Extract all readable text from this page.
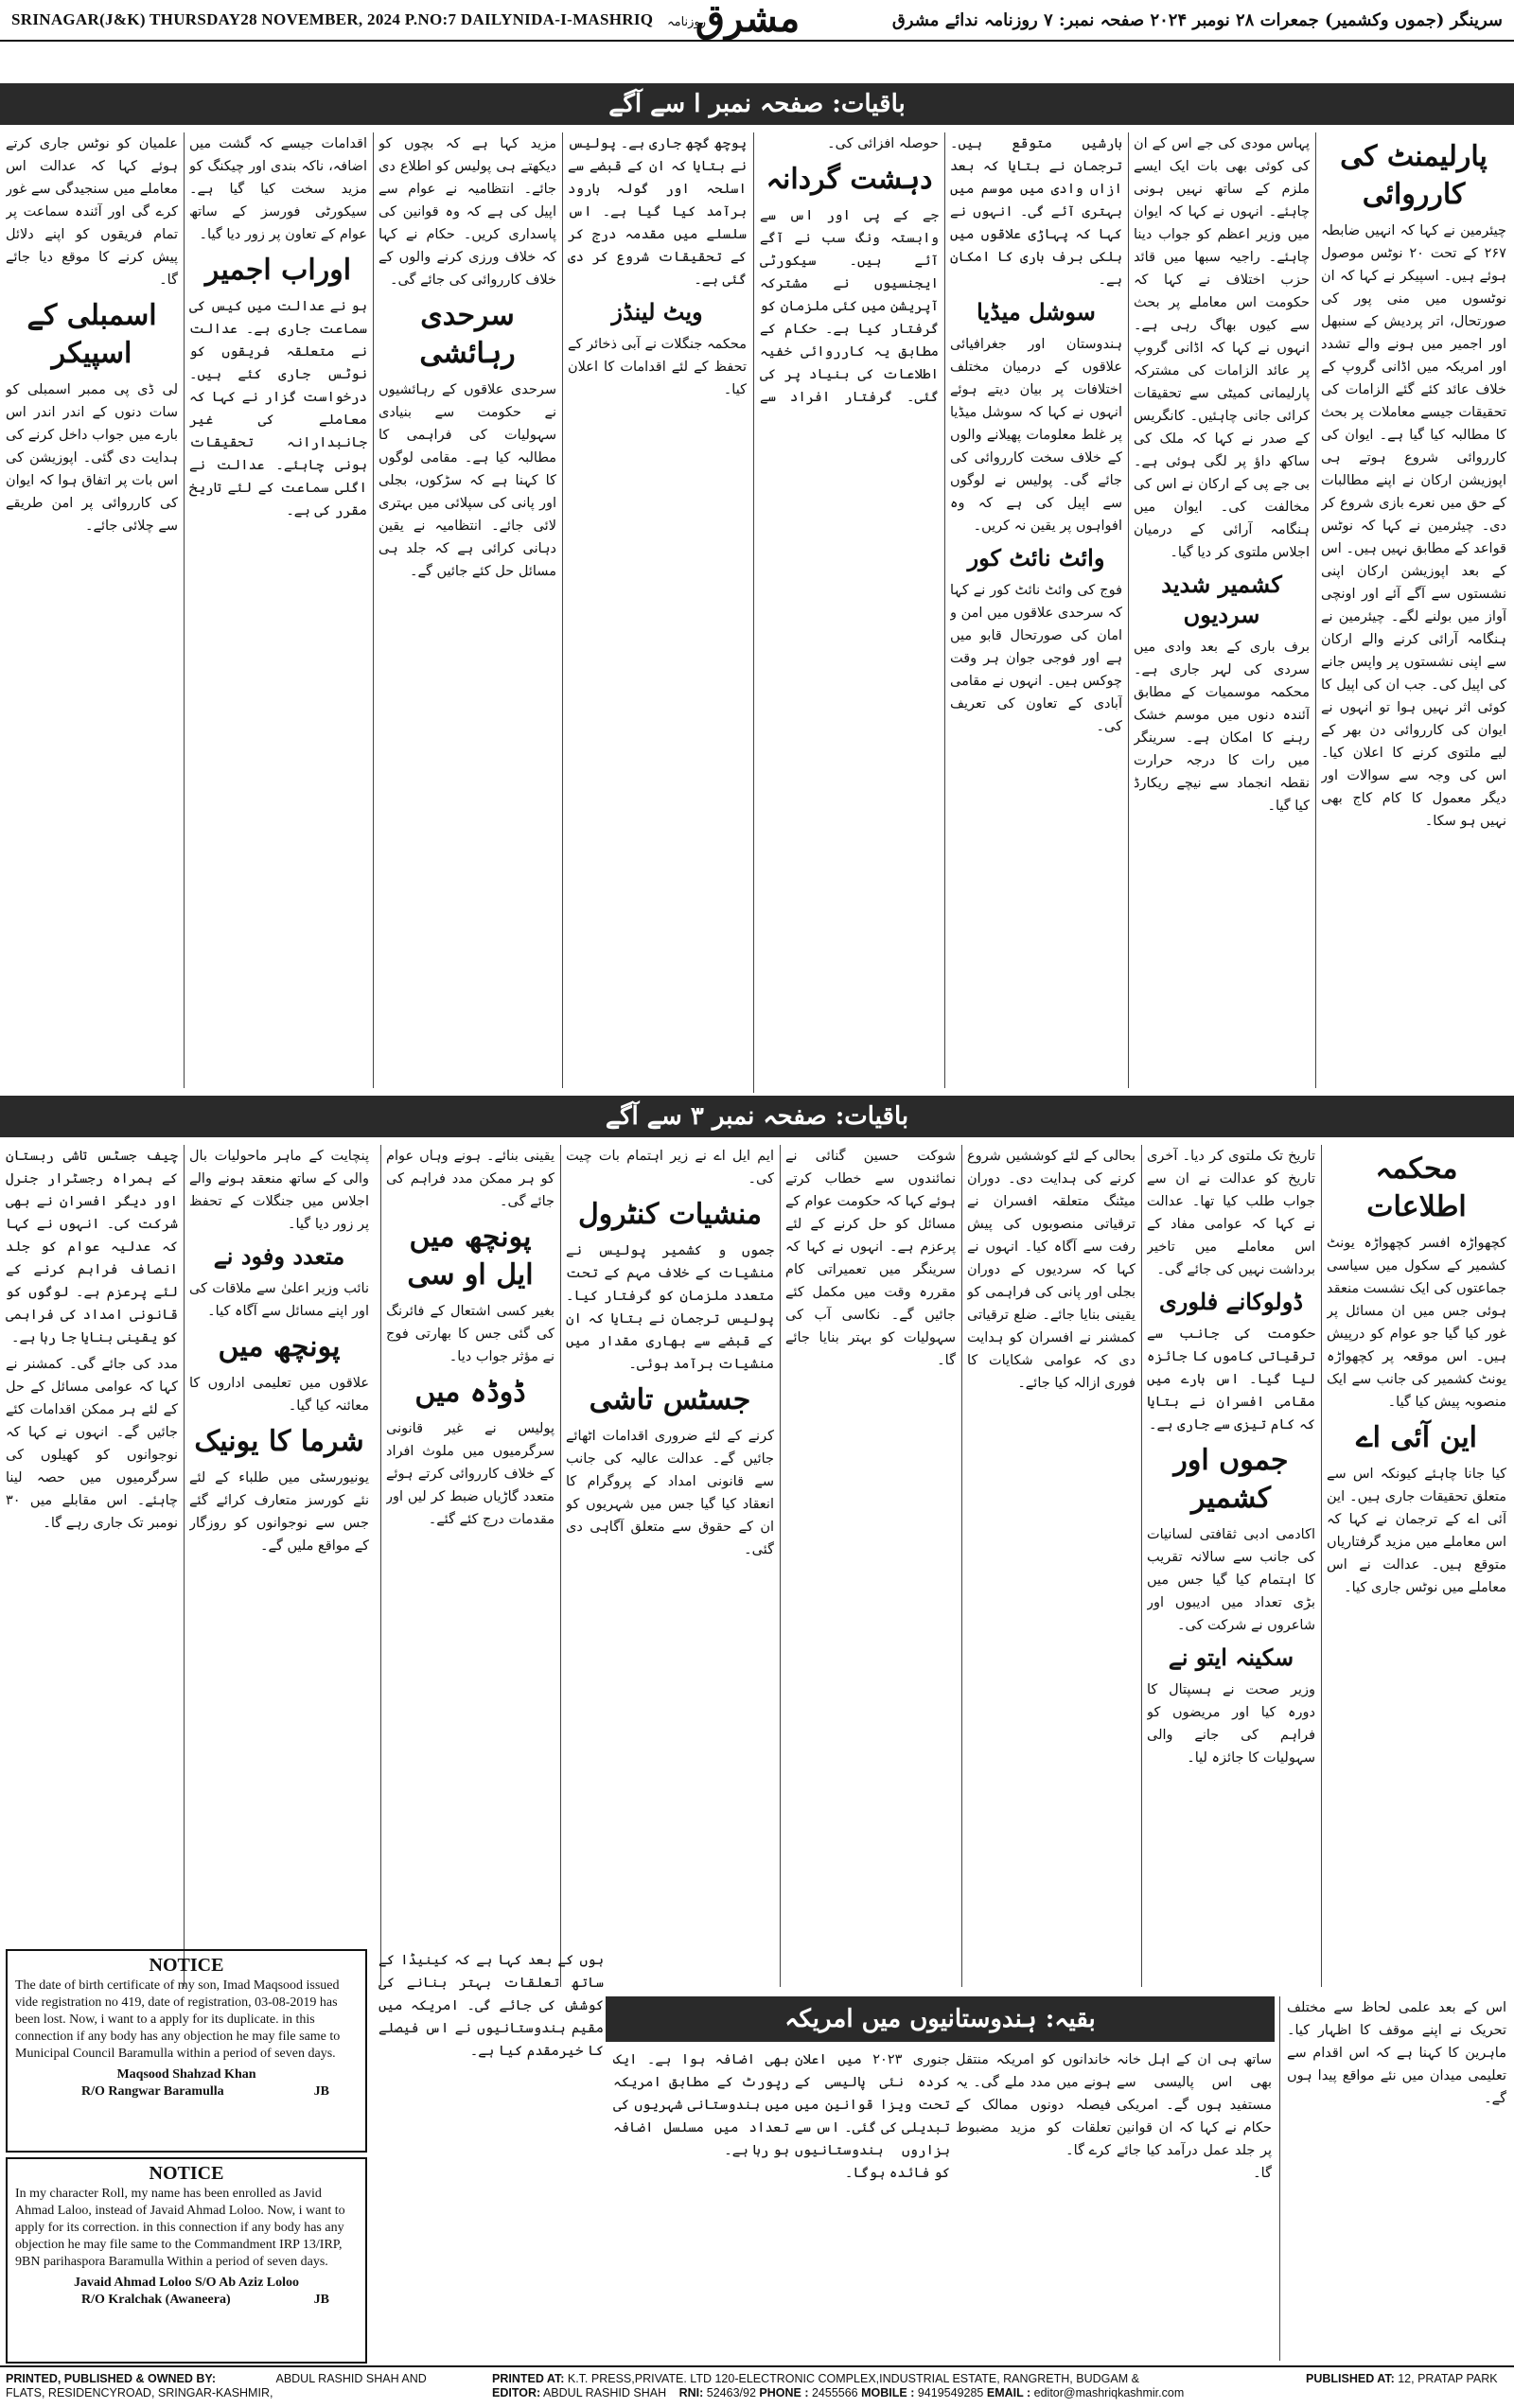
SRINAGAR(J&K) THURSDAY28 NOVEMBER, 2024 P.NO:7 DAILYNIDA-I-MASHRIQ روزنامہ
مشرق	سرینگر (جموں وکشمیر) جمعرات ۲۸ نومبر ۲۰۲۴ صفحہ نمبر: ۷ روزنامہ ندائے مشرق
باقیات: صفحہ نمبر ا سے آگے
پارلیمنٹ کی کارروائی

چیئرمین نے کہا کہ انہیں ضابطہ ۲۶۷ کے تحت ۲۰ نوٹس موصول ہوئے ہیں۔ اسپیکر نے کہا کہ ان نوٹسوں میں منی پور کی صورتحال، اتر پردیش کے سنبھل اور اجمیر میں ہونے والے تشدد اور امریکہ میں اڈانی گروپ کے خلاف عائد کئے گئے الزامات کی تحقیقات جیسے معاملات پر بحث کا مطالبہ کیا گیا ہے۔ ایوان کی کارروائی شروع ہوتے ہی اپوزیشن ارکان نے اپنے مطالبات کے حق میں نعرے بازی شروع کر دی۔ چیئرمین نے کہا کہ نوٹس قواعد کے مطابق نہیں ہیں۔ اس کے بعد اپوزیشن ارکان اپنی نشستوں سے آگے آئے اور اونچی آواز میں بولنے لگے۔ چیئرمین نے ہنگامہ آرائی کرنے والے ارکان سے اپنی نشستوں پر واپس جانے کی اپیل کی۔ جب ان کی اپیل کا کوئی اثر نہیں ہوا تو انہوں نے ایوان کی کارروائی دن بھر کے لیے ملتوی کرنے کا اعلان کیا۔ اس کی وجہ سے سوالات اور دیگر معمول کا کام کاج بھی نہیں ہو سکا۔

پہاس مودی کی جے اس کے ان کی کوئی بھی بات ایک ایسے ملزم کے ساتھ نہیں ہونی چاہئے۔ انہوں نے کہا کہ ایوان میں وزیر اعظم کو جواب دینا چاہئے۔ راجیہ سبھا میں قائد حزب اختلاف نے کہا کہ حکومت اس معاملے پر بحث سے کیوں بھاگ رہی ہے۔ انہوں نے کہا کہ اڈانی گروپ پر عائد الزامات کی مشترکہ پارلیمانی کمیٹی سے تحقیقات کرائی جانی چاہئیں۔ کانگریس کے صدر نے کہا کہ ملک کی ساکھ داؤ پر لگی ہوئی ہے۔ بی جے پی کے ارکان نے اس کی مخالفت کی۔ ایوان میں ہنگامہ آرائی کے درمیان اجلاس ملتوی کر دیا گیا۔

کشمیر شدید سردیوں

برف باری کے بعد وادی میں سردی کی لہر جاری ہے۔ محکمہ موسمیات کے مطابق آئندہ دنوں میں موسم خشک رہنے کا امکان ہے۔ سرینگر میں رات کا درجہ حرارت نقطہ انجماد سے نیچے ریکارڈ کیا گیا۔

بارشیں متوقع ہیں۔ ترجمان نے بتایا کہ بعد ازاں وادی میں موسم میں بہتری آئے گی۔ انہوں نے کہا کہ پہاڑی علاقوں میں ہلکی برف باری کا امکان ہے۔

سوشل میڈیا

ہندوستان اور جغرافیائی علاقوں کے درمیان مختلف اختلافات پر بیان دیتے ہوئے انہوں نے کہا کہ سوشل میڈیا پر غلط معلومات پھیلانے والوں کے خلاف سخت کارروائی کی جائے گی۔ پولیس نے لوگوں سے اپیل کی ہے کہ وہ افواہوں پر یقین نہ کریں۔

وائٹ نائٹ کور

فوج کی وائٹ نائٹ کور نے کہا کہ سرحدی علاقوں میں امن و امان کی صورتحال قابو میں ہے اور فوجی جوان ہر وقت چوکس ہیں۔ انہوں نے مقامی آبادی کے تعاون کی تعریف کی۔

حوصلہ افزائی کی۔

دہشت گردانہ

جے کے پی اور اس سے وابستہ ونگ سب نے آگے آئے ہیں۔ سیکورٹی ایجنسیوں نے مشترکہ آپریشن میں کئی ملزمان کو گرفتار کیا ہے۔ حکام کے مطابق یہ کارروائی خفیہ اطلاعات کی بنیاد پر کی گئی۔ گرفتار افراد سے پوچھ گچھ جاری ہے۔ پولیس نے بتایا کہ ان کے قبضے سے اسلحہ اور گولہ بارود برآمد کیا گیا ہے۔ اس سلسلے میں مقدمہ درج کر کے تحقیقات شروع کر دی گئی ہے۔

ویٹ لینڈز

محکمہ جنگلات نے آبی ذخائر کے تحفظ کے لئے اقدامات کا اعلان کیا۔

مزید کہا ہے کہ بچوں کو دیکھتے ہی پولیس کو اطلاع دی جائے۔ انتظامیہ نے عوام سے اپیل کی ہے کہ وہ قوانین کی پاسداری کریں۔ حکام نے کہا کہ خلاف ورزی کرنے والوں کے خلاف کارروائی کی جائے گی۔

سرحدی رہائشی

سرحدی علاقوں کے رہائشیوں نے حکومت سے بنیادی سہولیات کی فراہمی کا مطالبہ کیا ہے۔ مقامی لوگوں کا کہنا ہے کہ سڑکوں، بجلی اور پانی کی سپلائی میں بہتری لائی جائے۔ انتظامیہ نے یقین دہانی کرائی ہے کہ جلد ہی مسائل حل کئے جائیں گے۔

اقدامات جیسے کہ گشت میں اضافہ، ناکہ بندی اور چیکنگ کو مزید سخت کیا گیا ہے۔ سیکورٹی فورسز کے ساتھ عوام کے تعاون پر زور دیا گیا۔

اوراب اجمیر

ہو نے عدالت میں کیس کی سماعت جاری ہے۔ عدالت نے متعلقہ فریقوں کو نوٹس جاری کئے ہیں۔ درخواست گزار نے کہا کہ معاملے کی غیر جانبدارانہ تحقیقات ہونی چاہئے۔ عدالت نے اگلی سماعت کے لئے تاریخ مقرر کی ہے۔

علمیان کو نوٹس جاری کرتے ہوئے کہا کہ عدالت اس معاملے میں سنجیدگی سے غور کرے گی اور آئندہ سماعت پر تمام فریقوں کو اپنے دلائل پیش کرنے کا موقع دیا جائے گا۔

اسمبلی کے اسپیکر

لی ڈی پی ممبر اسمبلی کو سات دنوں کے اندر اندر اس بارے میں جواب داخل کرنے کی ہدایت دی گئی۔ اپوزیشن کی اس بات پر اتفاق ہوا کہ ایوان کی کارروائی پر امن طریقے سے چلائی جائے۔

باقیات: صفحہ نمبر ۳ سے آگے
محکمہ اطلاعات

کچھواڑہ افسر کچھواڑہ یونٹ کشمیر کے سکول میں سیاسی جماعتوں کی ایک نشست منعقد ہوئی جس میں ان مسائل پر غور کیا گیا جو عوام کو درپیش ہیں۔ اس موقعہ پر کچھواڑہ یونٹ کشمیر کی جانب سے ایک منصوبہ پیش کیا گیا۔

این آئی اے

کیا جانا چاہئے کیونکہ اس سے متعلق تحقیقات جاری ہیں۔ این آئی اے کے ترجمان نے کہا کہ اس معاملے میں مزید گرفتاریاں متوقع ہیں۔ عدالت نے اس معاملے میں نوٹس جاری کیا۔

تاریخ تک ملتوی کر دیا۔ آخری تاریخ کو عدالت نے ان سے جواب طلب کیا تھا۔ عدالت نے کہا کہ عوامی مفاد کے اس معاملے میں تاخیر برداشت نہیں کی جائے گی۔

ڈولوکانے فلوری

حکومت کی جانب سے ترقیاتی کاموں کا جائزہ لیا گیا۔ اس بارے میں مقامی افسران نے بتایا کہ کام تیزی سے جاری ہے۔

جموں اور کشمیر

اکادمی ادبی ثقافتی لسانیات کی جانب سے سالانہ تقریب کا اہتمام کیا گیا جس میں بڑی تعداد میں ادیبوں اور شاعروں نے شرکت کی۔

سکینہ ایتو نے

وزیر صحت نے ہسپتال کا دورہ کیا اور مریضوں کو فراہم کی جانے والی سہولیات کا جائزہ لیا۔

بحالی کے لئے کوششیں شروع کرنے کی ہدایت دی۔ دوران میٹنگ متعلقہ افسران نے ترقیاتی منصوبوں کی پیش رفت سے آگاہ کیا۔ انہوں نے کہا کہ سردیوں کے دوران بجلی اور پانی کی فراہمی کو یقینی بنایا جائے۔ ضلع ترقیاتی کمشنر نے افسران کو ہدایت دی کہ عوامی شکایات کا فوری ازالہ کیا جائے۔

شوکت حسین گنائی نے نمائندوں سے خطاب کرتے ہوئے کہا کہ حکومت عوام کے مسائل کو حل کرنے کے لئے پرعزم ہے۔ انہوں نے کہا کہ سرینگر میں تعمیراتی کام مقررہ وقت میں مکمل کئے جائیں گے۔ نکاسی آب کی سہولیات کو بہتر بنایا جائے گا۔

ایم ایل اے نے زیر اہتمام بات چیت کی۔

منشیات کنٹرول

جموں و کشمیر پولیس نے منشیات کے خلاف مہم کے تحت متعدد ملزمان کو گرفتار کیا۔ پولیس ترجمان نے بتایا کہ ان کے قبضے سے بھاری مقدار میں منشیات برآمد ہوئی۔

جسٹس تاشی

کرنے کے لئے ضروری اقدامات اٹھائے جائیں گے۔ عدالت عالیہ کی جانب سے قانونی امداد کے پروگرام کا انعقاد کیا گیا جس میں شہریوں کو ان کے حقوق سے متعلق آگاہی دی گئی۔

یقینی بنائے۔ ہونے وہاں عوام کو ہر ممکن مدد فراہم کی جائے گی۔

پونچھ میں ایل او سی

بغیر کسی اشتعال کے فائرنگ کی گئی جس کا بھارتی فوج نے مؤثر جواب دیا۔

ڈوڈہ میں

پولیس نے غیر قانونی سرگرمیوں میں ملوث افراد کے خلاف کارروائی کرتے ہوئے متعدد گاڑیاں ضبط کر لیں اور مقدمات درج کئے گئے۔

پنچایت کے ماہر ماحولیات بال والی کے ساتھ منعقد ہونے والے اجلاس میں جنگلات کے تحفظ پر زور دیا گیا۔

متعدد وفود نے

نائب وزیر اعلیٰ سے ملاقات کی اور اپنے مسائل سے آگاہ کیا۔

پونچھ میں

علاقوں میں تعلیمی اداروں کا معائنہ کیا گیا۔

شرما کا یونیک

یونیورسٹی میں طلباء کے لئے نئے کورسز متعارف کرائے گئے جس سے نوجوانوں کو روزگار کے مواقع ملیں گے۔

چیف جسٹس تاشی ربستان کے ہمراہ رجسٹرار جنرل اور دیگر افسران نے بھی شرکت کی۔ انہوں نے کہا کہ عدلیہ عوام کو جلد انصاف فراہم کرنے کے لئے پرعزم ہے۔ لوگوں کو قانونی امداد کی فراہمی کو یقینی بنایا جا رہا ہے۔

مدد کی جائے گی۔ کمشنر نے کہا کہ عوامی مسائل کے حل کے لئے ہر ممکن اقدامات کئے جائیں گے۔ انہوں نے کہا کہ نوجوانوں کو کھیلوں کی سرگرمیوں میں حصہ لینا چاہئے۔ اس مقابلے میں ۳۰ نومبر تک جاری رہے گا۔

NOTICE

The date of birth certificate of my son, Imad Maqsood issued vide registration no 419, date of registration, 03-08-2019 has been lost. Now, i want to a apply for its duplicate. in this connection if any body has any objection he may file same to Municipal Council Baramulla within a period of seven days.

Maqsood Shahzad Khan

R/O Rangwar Baramulla	JB

NOTICE

In my character Roll, my name has been enrolled as Javid Ahmad Laloo, instead of Javaid Ahmad Loloo. Now, i want to apply for its correction. in this connection if any body has any objection he may file same to the Commandment IRP 13/IRP, 9BN parihaspora Baramulla Within a period of seven days.

Javaid Ahmad Loloo S/O Ab Aziz Loloo

R/O Kralchak (Awaneera)	JB

اس کے بعد علمی لحاظ سے مختلف تحریک نے اپنے موقف کا اظہار کیا۔ ماہرین کا کہنا ہے کہ اس اقدام سے تعلیمی میدان میں نئے مواقع پیدا ہوں گے۔

بقیہ: ہندوستانیوں میں امریکہ

ساتھ ہی ان کے اہل خانہ بھی اس پالیسی سے مستفید ہوں گے۔ امریکی حکام نے کہا کہ ان قوانین پر جلد عمل درآمد کیا جائے گا۔

خاندانوں کو امریکہ منتقل ہونے میں مدد ملے گی۔ یہ فیصلہ دونوں ممالک کے تعلقات کو مزید مضبوط کرے گا۔

جنوری ۲۰۲۳ میں اعلان کردہ نئی پالیسی کے تحت ویزا قوانین میں تبدیلی کی گئی۔ اس سے ہزاروں ہندوستانیوں کو فائدہ ہوگا۔

بھی اضافہ ہوا ہے۔ ایک رپورٹ کے مطابق امریکہ میں ہندوستانی شہریوں کی تعداد میں مسلسل اضافہ ہو رہا ہے۔

ہوں کے بعد کہا ہے کہ کینیڈا کے ساتھ تعلقات بہتر بنانے کی کوشش کی جائے گی۔ امریکہ میں مقیم ہندوستانیوں نے اس فیصلے کا خیرمقدم کیا ہے۔

PRINTED, PUBLISHED & OWNED BY:	ABDUL RASHID SHAH AND
FLATS, RESIDENCYROAD, SRINGAR-KASHMIR,
PRINTED AT: K.T. PRESS,PRIVATE. LTD 120-ELECTRONIC COMPLEX,INDUSTRIAL ESTATE, RANGRETH, BUDGAM &
EDITOR: ABDUL RASHID SHAH RNI: 52463/92 PHONE : 2455566 MOBILE : 9419549285 EMAIL : editor@mashriqkashmir.com
PUBLISHED AT: 12, PRATAP PARK
